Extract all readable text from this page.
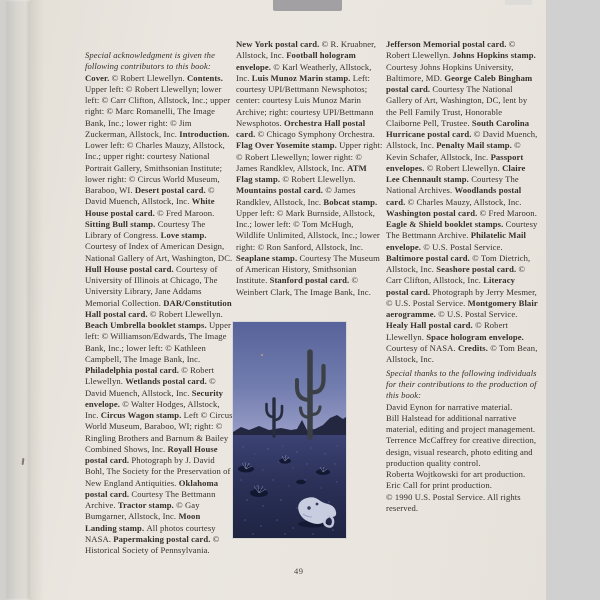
Special acknowledgment is given the following contributors to this book: Cover. © Robert Llewellyn. Contents. Upper left: © Robert Llewellyn; lower left: © Carr Clifton, Allstock, Inc.; upper right: © Marc Romanelli, The Image Bank, Inc.; lower right: © Jim Zuckerman, Allstock, Inc. Introduction. Lower left: © Charles Mauzy, Allstock, Inc.; upper right: courtesy National Portrait Gallery, Smithsonian Institute; lower right: © Circus World Museum, Baraboo, WI. Desert postal card. © David Muench, Allstock, Inc. White House postal card. © Fred Maroon. Sitting Bull stamp. Courtesy The Library of Congress. Love stamp. Courtesy of Index of American Design, National Gallery of Art, Washington, DC. Hull House postal card. Courtesy of University of Illinois at Chicago, The University Library, Jane Addams Memorial Collection. DAR/Constitution Hall postal card. © Robert Llewellyn. Beach Umbrella booklet stamps. Upper left: © Williamson/Edwards, The Image Bank, Inc.; lower left: © Kathleen Campbell, The Image Bank, Inc. Philadelphia postal card. © Robert Llewellyn. Wetlands postal card. © David Muench, Allstock, Inc. Security envelope. © Walter Hodges, Allstock, Inc. Circus Wagon stamp. Left © Circus World Museum, Baraboo, WI; right: © Ringling Brothers and Barnum & Bailey Combined Shows, Inc. Royall House postal card. Photograph by J. David Bohl, The Society for the Preservation of New England Antiquities. Oklahoma postal card. Courtesy The Bettmann Archive. Tractor stamp. © Gay Bumgarner, Allstock, Inc. Moon Landing stamp. All photos courtesy NASA. Papermaking postal card. © Historical Society of Pennsylvania.
New York postal card. © R. Kruabner, Allstock, Inc. Football hologram envelope. © Karl Weatherly, Allstock, Inc. Luis Munoz Marin stamp. Left: courtesy UPI/Bettmann Newsphotos; center: courtesy Luis Munoz Marin Archive; right: courtesy UPI/Bettmann Newsphotos. Orchestra Hall postal card. © Chicago Symphony Orchestra. Flag Over Yosemite stamp. Upper right: © Robert Llewellyn; lower right: © James Randklev, Allstock, Inc. ATM Flag stamp. © Robert Llewellyn. Mountains postal card. © James Randklev, Allstock, Inc. Bobcat stamp. Upper left: © Mark Burnside, Allstock, Inc.; lower left: © Tom McHugh, Wildlife Unlimited, Allstock, Inc.; lower right: © Ron Sanford, Allstock, Inc. Seaplane stamp. Courtesy The Museum of American History, Smithsonian Institute. Stanford postal card. © Weinbert Clark, The Image Bank, Inc.
Jefferson Memorial postal card. © Robert Llewellyn. Johns Hopkins stamp. Courtesy Johns Hopkins University, Baltimore, MD. George Caleb Bingham postal card. Courtesy The National Gallery of Art, Washington, DC, lent by the Pell Family Trust, Honorable Claiborne Pell, Trustee. South Carolina Hurricane postal card. © David Muench, Allstock, Inc. Penalty Mail stamp. © Kevin Schafer, Allstock, Inc. Passport envelopes. © Robert Llewellyn. Claire Lee Chennault stamp. Courtesy The National Archives. Woodlands postal card. © Charles Mauzy, Allstock, Inc. Washington postal card. © Fred Maroon. Eagle & Shield booklet stamps. Courtesy The Bettmann Archive. Philatelic Mail envelope. © U.S. Postal Service. Baltimore postal card. © Tom Dietrich, Allstock, Inc. Seashore postal card. © Carr Clifton, Allstock, Inc. Literacy postal card. Photograph by Jerry Mesmer, © U.S. Postal Service. Montgomery Blair aerogramme. © U.S. Postal Service. Healy Hall postal card. © Robert Llewellyn. Space hologram envelope. Courtesy of NASA. Credits. © Tom Bean, Allstock, Inc.
Special thanks to the following individuals for their contributions to the production of this book:
David Eynon for narrative material.
Bill Halstead for additional narrative material, editing and project management.
Terrence McCaffrey for creative direction, design, visual research, photo editing and production quality control.
Roberta Wojtkowski for art production.
Eric Call for print production.
© 1990 U.S. Postal Service. All rights reserved.
49
